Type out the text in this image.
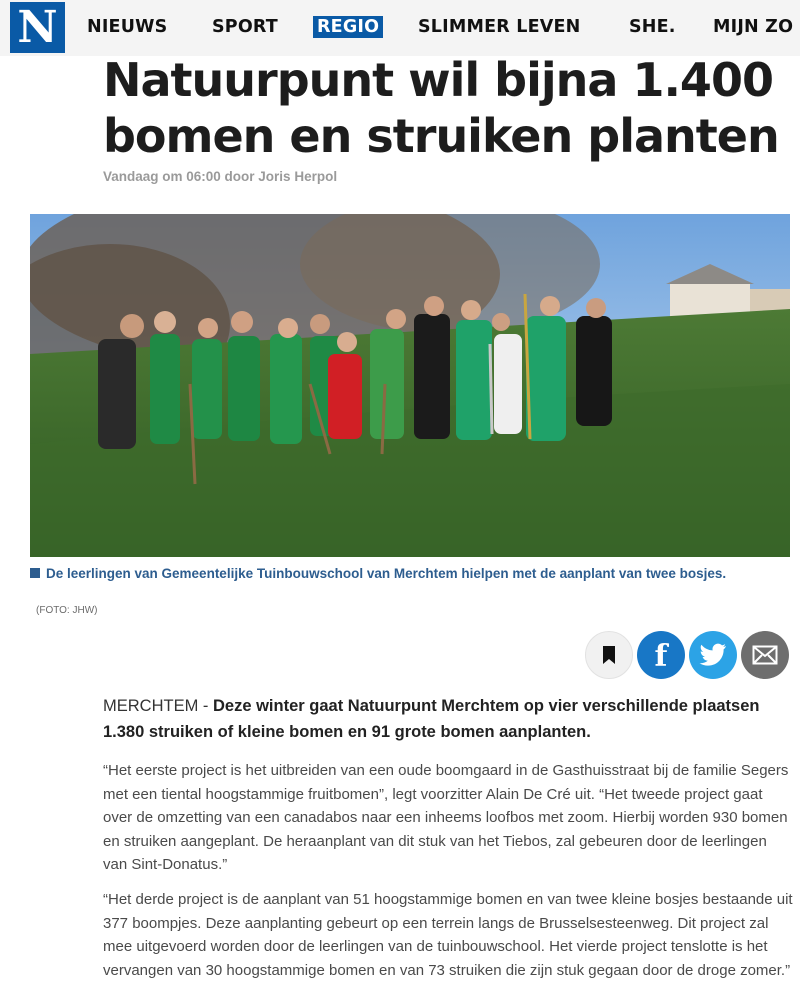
N NIEUWS	SPORT REGIO SLIMMER LEVEN	SHE. MIJN ZO
Natuurpunt wil bijna 1.400 bomen en struiken planten
Vandaag om 06:00 door Joris Herpol
De leerlingen van Gemeentelijke Tuinbouwschool van Merchtem hielpen met de aanplant van twee bosjes.
(FOTO: JHW)
f

MERCHTEM - Deze winter gaat Natuurpunt Merchtem op vier verschillende plaatsen 1.380 struiken of kleine bomen en 91 grote bomen aanplanten.

“Het eerste project is het uitbreiden van een oude boomgaard in de Gasthuisstraat bij de familie Segers met een tiental hoogstammige fruitbomen”, legt voorzitter Alain De Cré uit. “Het tweede project gaat over de omzetting van een canadabos naar een inheems loofbos met zoom. Hierbij worden 930 bomen en struiken aangeplant. De heraanplant van dit stuk van het Tiebos, zal gebeuren door de leerlingen van Sint-Donatus.”

“Het derde project is de aanplant van 51 hoogstammige bomen en van twee kleine bosjes bestaande uit 377 boompjes. Deze aanplanting gebeurt op een terrein langs de Brusselsesteenweg. Dit project zal mee uitgevoerd worden door de leerlingen van de tuinbouwschool. Het vierde project tenslotte is het vervangen van 30 hoogstammige bomen en van 73 struiken die zijn stuk gegaan door de droge zomer.”
